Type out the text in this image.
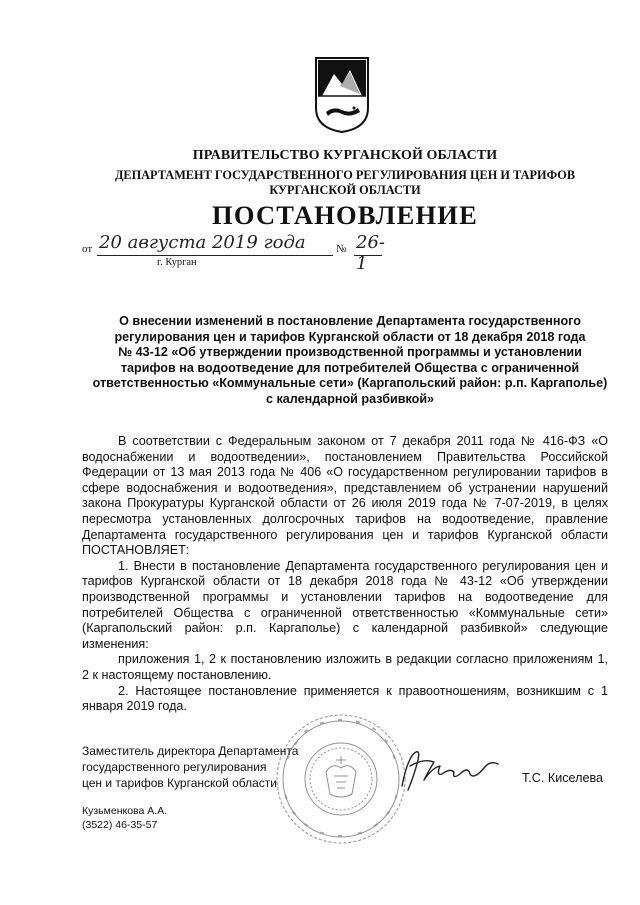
ПРАВИТЕЛЬСТВО КУРГАНСКОЙ ОБЛАСТИ
ДЕПАРТАМЕНТ ГОСУДАРСТВЕННОГО РЕГУЛИРОВАНИЯ ЦЕН И ТАРИФОВ
КУРГАНСКОЙ ОБЛАСТИ
ПОСТАНОВЛЕНИЕ
от 20 августа 2019 года	№ 26-1
г. Курган
О внесении изменений в постановление Департамента государственного
регулирования цен и тарифов Курганской области от 18 декабря 2018 года
№ 43-12 «Об утверждении производственной программы и установлении
тарифов на водоотведение для потребителей Общества с ограниченной
ответственностью «Коммунальные сети» (Каргапольский район: р.п. Каргаполье)
с календарной разбивкой»

В соответствии с Федеральным законом от 7 декабря 2011 года № 416-ФЗ «О водоснабжении и водоотведении», постановлением Правительства Российской Федерации от 13 мая 2013 года № 406 «О государственном регулировании тарифов в сфере водоснабжения и водоотведения», представлением об устранении нарушений закона Прокуратуры Курганской области от 26 июля 2019 года № 7-07-2019, в целях пересмотра установленных долгосрочных тарифов на водоотведение, правление Департамента государственного регулирования цен и тарифов Курганской области ПОСТАНОВЛЯЕТ:

1. Внести в постановление Департамента государственного регулирования цен и тарифов Курганской области от 18 декабря 2018 года № 43-12 «Об утверждении производственной программы и установлении тарифов на водоотведение для потребителей Общества с ограниченной ответственностью «Коммунальные сети» (Каргапольский район: р.п. Каргаполье) с календарной разбивкой» следующие изменения:

приложения 1, 2 к постановлению изложить в редакции согласно приложениям 1, 2 к настоящему постановлению.

2. Настоящее постановление применяется к правоотношениям, возникшим с 1 января 2019 года.

Заместитель директора Департамента
государственного регулирования
цен и тарифов Курганской области	Т.С. Киселева
Кузьменкова А.А.
(3522) 46-35-57
